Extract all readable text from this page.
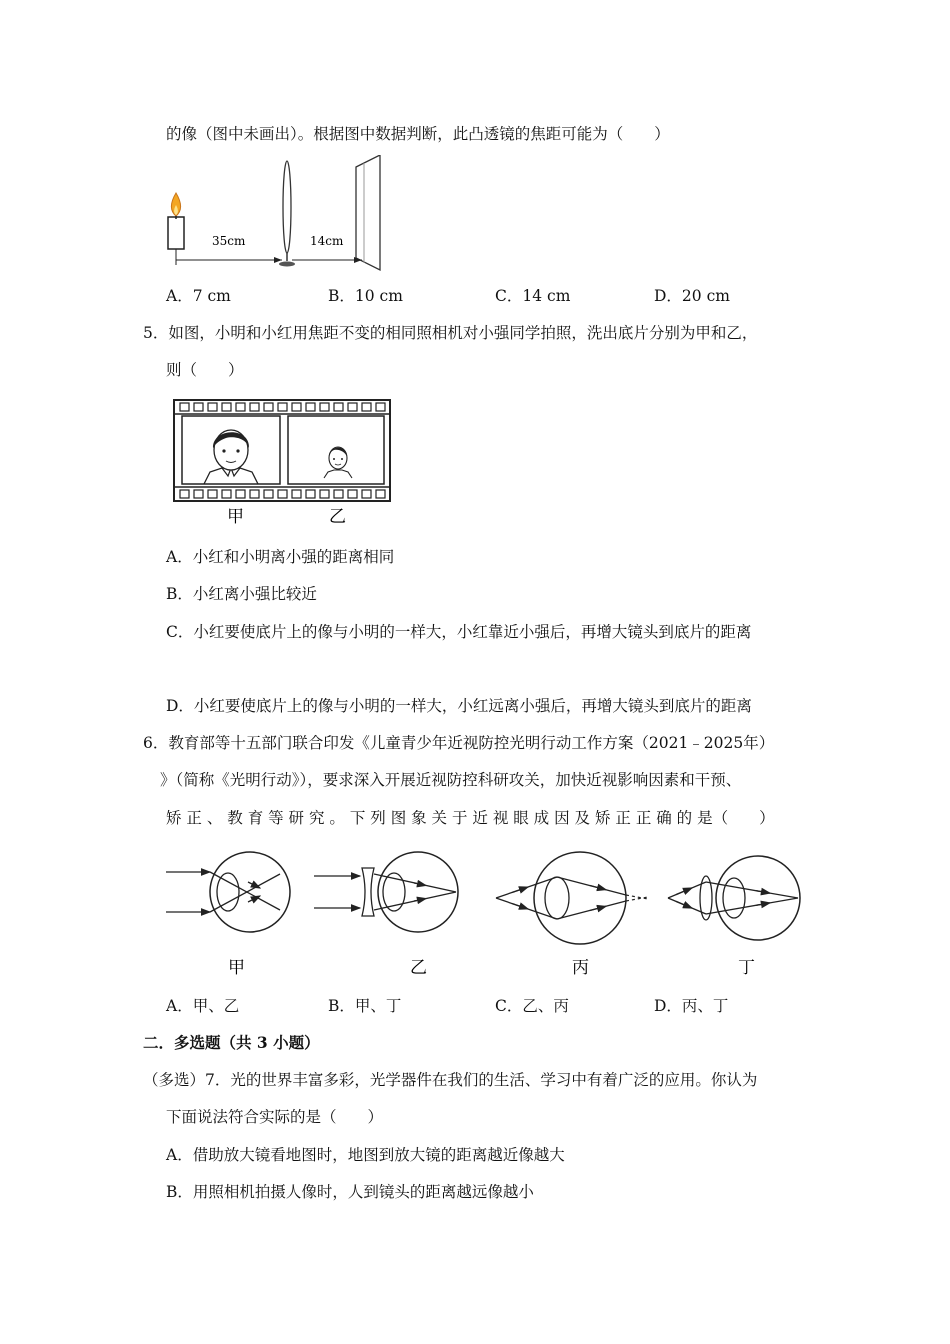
的像（图中未画出）。根据图中数据判断，此凸透镜的焦距可能为（　　）
35cm	14cm
A．7 cm	B．10 cm	C．14 cm	D．20 cm
5．如图，小明和小红用焦距不变的相同照相机对小强同学拍照，洗出底片分别为甲和乙，
则（　　）
甲	乙
A．小红和小明离小强的距离相同
B．小红离小强比较近
C．小红要使底片上的像与小明的一样大，小红靠近小强后，再增大镜头到底片的距离
D．小红要使底片上的像与小明的一样大，小红远离小强后，再增大镜头到底片的距离
6．教育部等十五部门联合印发《儿童青少年近视防控光明行动工作方案（2021﹣2025年）
》（简称《光明行动》），要求深入开展近视防控科研攻关，加快近视影响因素和干预、
矫 正 、 教 育 等 研 究 。 下 列 图 象 关 于 近 视 眼 成 因 及 矫 正 正 确 的 是（　　）
甲	乙	丙	丁
A．甲、乙	B．甲、丁	C．乙、丙	D．丙、丁
二．多选题（共 3 小题）
（多选）7．光的世界丰富多彩，光学器件在我们的生活、学习中有着广泛的应用。你认为
下面说法符合实际的是（　　）
A．借助放大镜看地图时，地图到放大镜的距离越近像越大
B．用照相机拍摄人像时，人到镜头的距离越远像越小
